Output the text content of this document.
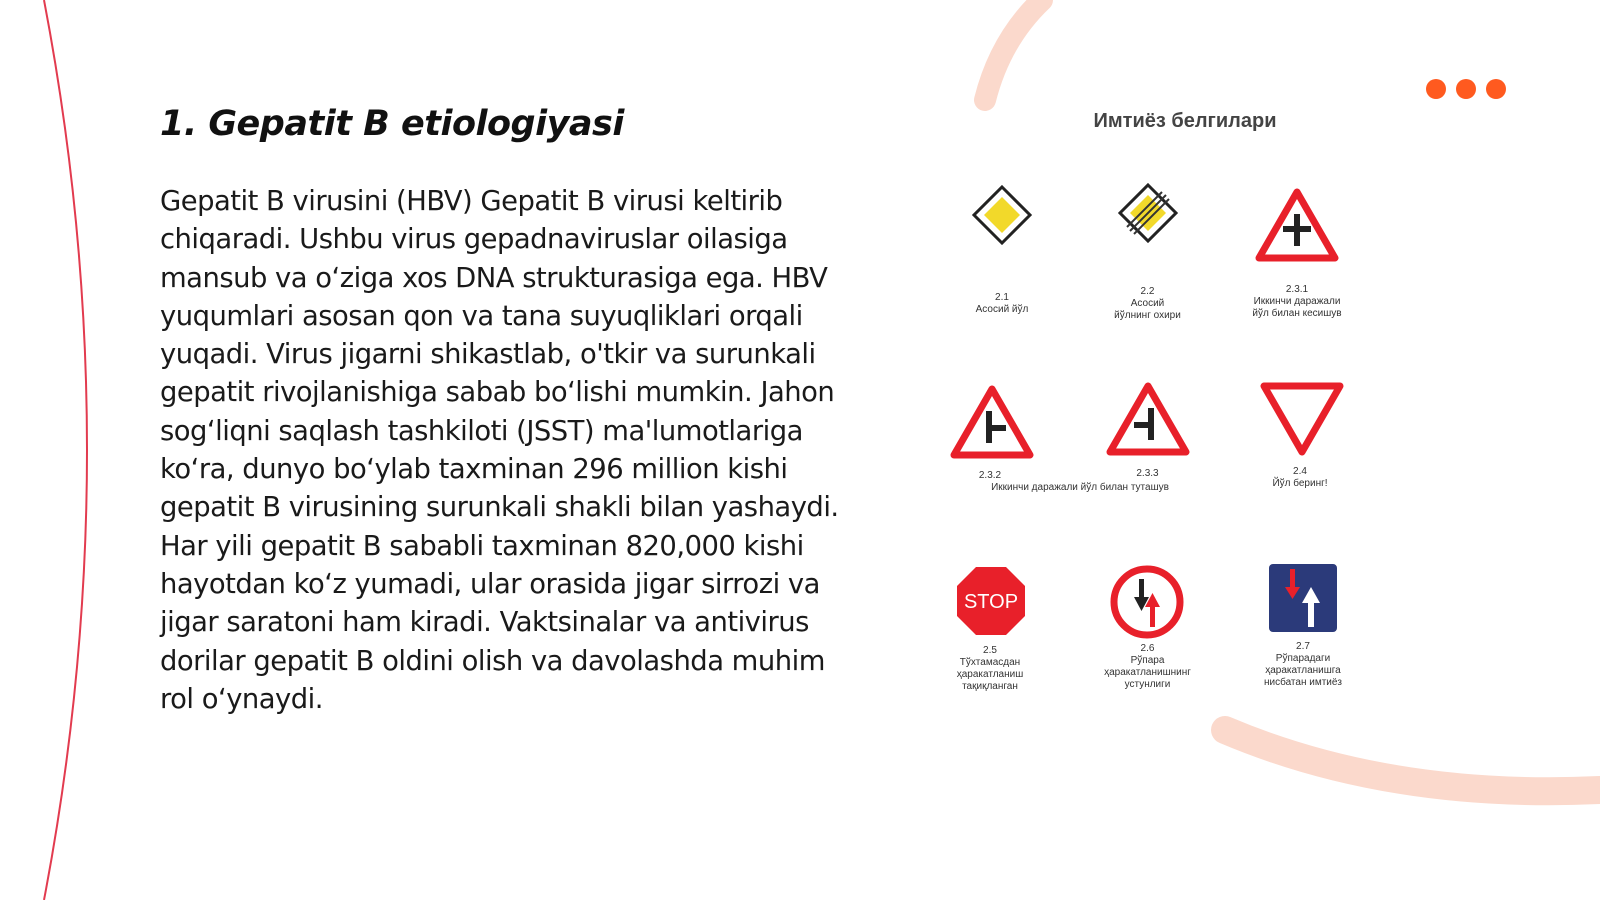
1. Gepatit B etiologiyasi

Gepatit B virusini (HBV) Gepatit B virusi keltirib chiqaradi. Ushbu virus gepadnaviruslar oilasiga mansub va oʻziga xos DNA strukturasiga ega. HBV yuqumlari asosan qon va tana suyuqliklari orqali yuqadi. Virus jigarni shikastlab, o'tkir va surunkali gepatit rivojlanishiga sabab boʻlishi mumkin. Jahon sogʻliqni saqlash tashkiloti (JSST) ma'lumotlariga koʻra, dunyo boʻylab taxminan 296 million kishi gepatit B virusining surunkali shakli bilan yashaydi. Har yili gepatit B sababli taxminan 820,000 kishi hayotdan koʻz yumadi, ular orasida jigar sirrozi va jigar saratoni ham kiradi. Vaktsinalar va antivirus dorilar gepatit B oldini olish va davolashda muhim rol oʻynaydi.

Имтиёз белгилари
2.1
Асосий йўл
2.2
Асосий
йўлнинг охири
2.3.1
Иккинчи даражали
йўл билан кесишув
2.3.2	2.3.3
Иккинчи даражали йўл билан туташув
2.4
Йўл беринг!
STOP
2.5
Тўхтамасдан
ҳаракатланиш
тақиқланган
2.6
Рўпара
ҳаракатланишнинг
устунлиги
2.7
Рўпарадаги
ҳаракатланишга
нисбатан имтиёз
